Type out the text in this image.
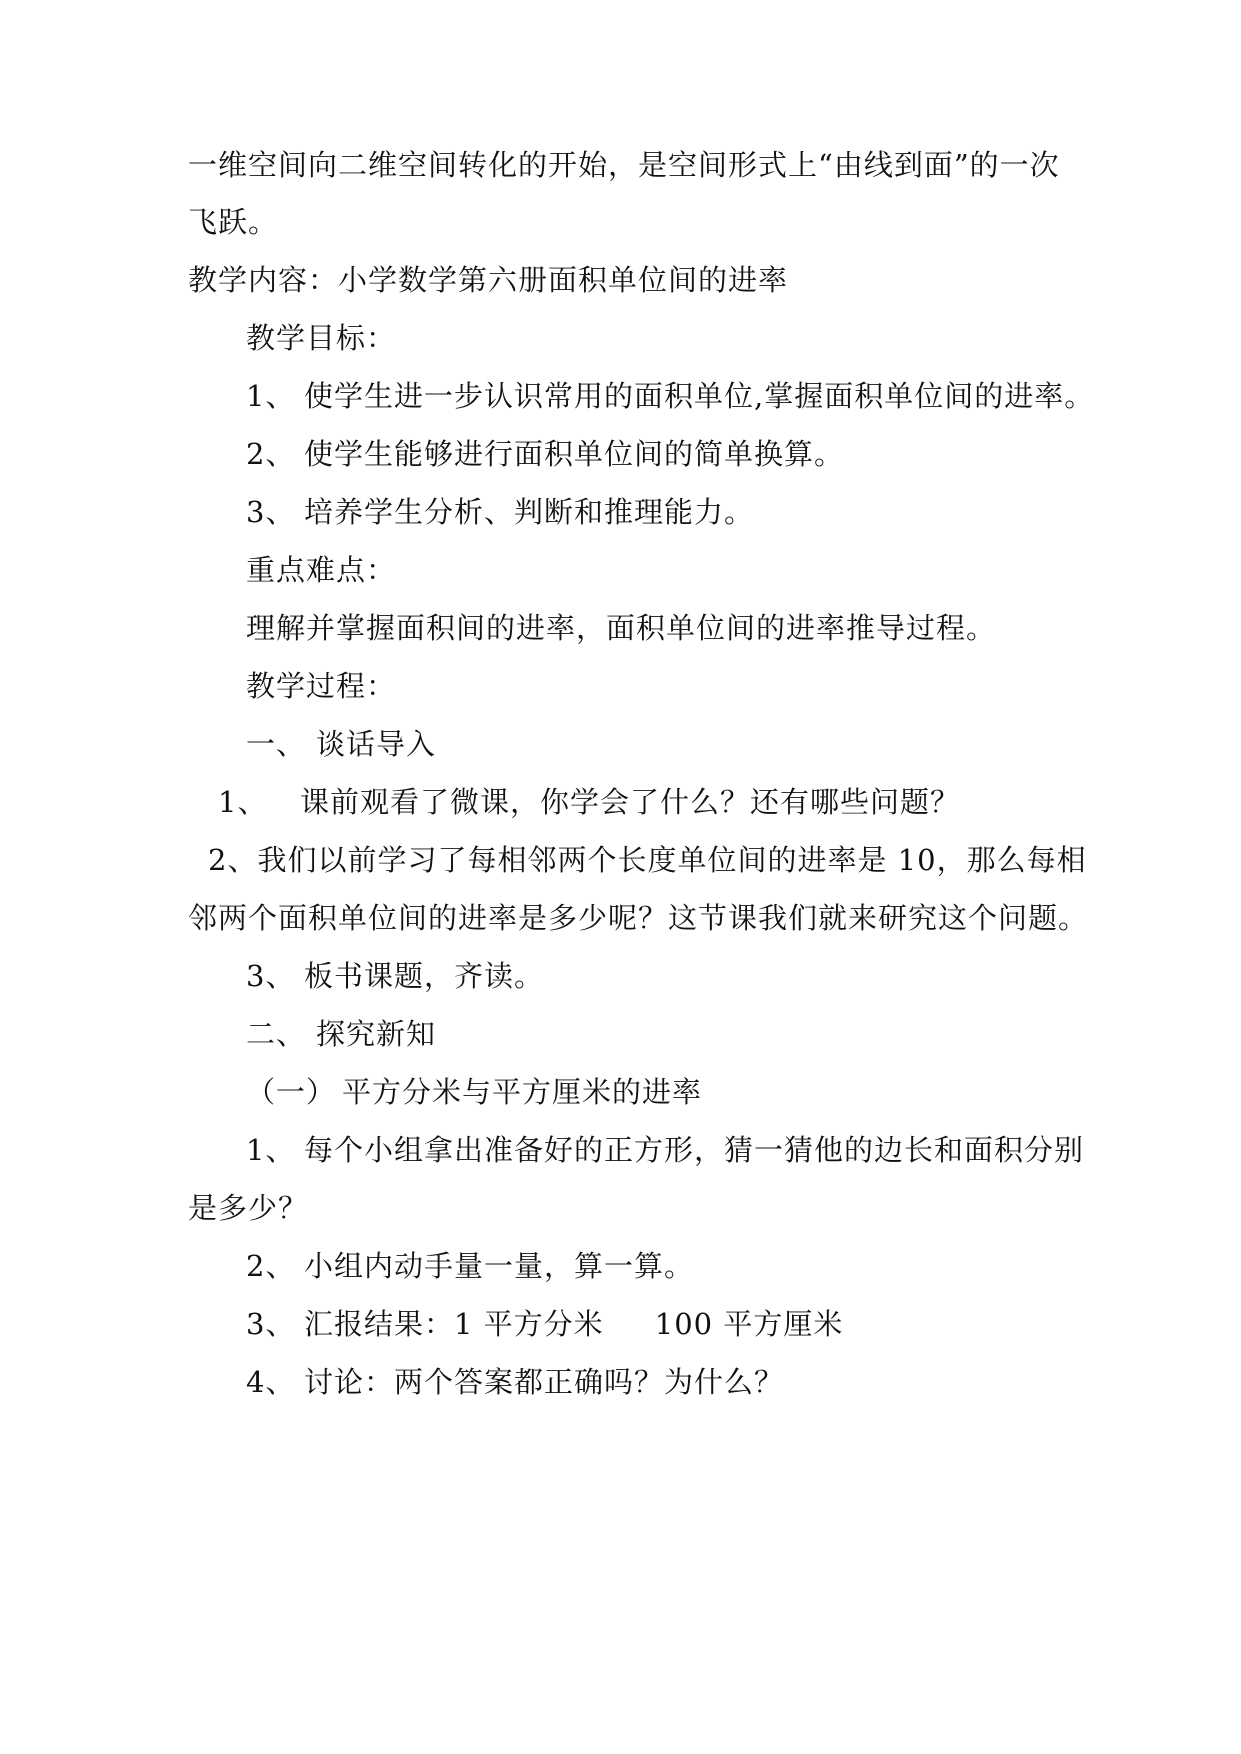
一维空间向二维空间转化的开始，是空间形式上“由线到面”的一次
飞跃。
教学内容：小学数学第六册面积单位间的进率
教学目标：
1、 使学生进一步认识常用的面积单位,掌握面积单位间的进率。
2、 使学生能够进行面积单位间的简单换算。
3、 培养学生分析、判断和推理能力。
重点难点：
理解并掌握面积间的进率，面积单位间的进率推导过程。
教学过程：
一、 谈话导入
1、 课前观看了微课，你学会了什么？还有哪些问题？
2、我们以前学习了每相邻两个长度单位间的进率是 10，那么每相
邻两个面积单位间的进率是多少呢？这节课我们就来研究这个问题。
3、 板书课题，齐读。
二、 探究新知
（一） 平方分米与平方厘米的进率
1、 每个小组拿出准备好的正方形，猜一猜他的边长和面积分别
是多少？
2、 小组内动手量一量，算一算。
3、 汇报结果：1 平方分米     100 平方厘米
4、 讨论：两个答案都正确吗？为什么？
